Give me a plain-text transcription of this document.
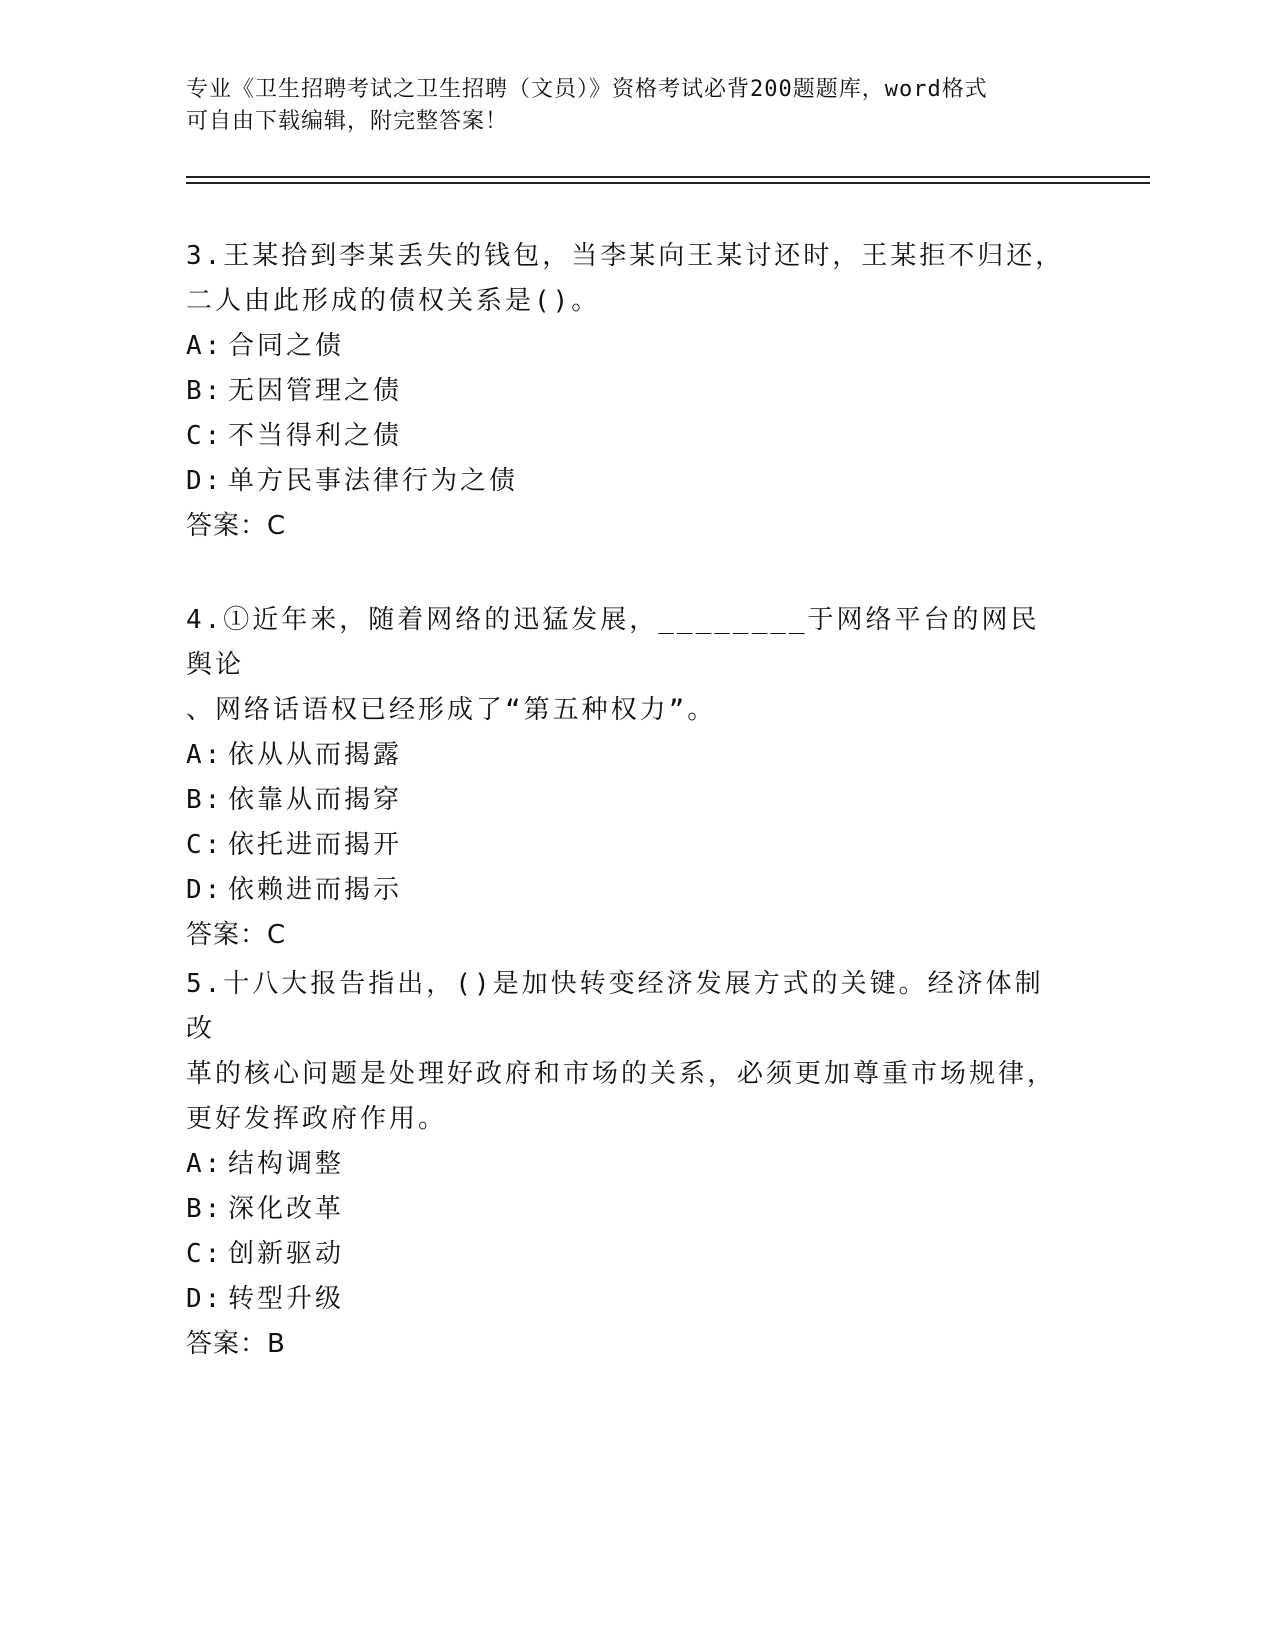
专业《卫生招聘考试之卫生招聘（文员）》资格考试必背200题题库，word格式
可自由下载编辑，附完整答案！

3.王某拾到李某丢失的钱包，当李某向王某讨还时，王某拒不归还，

二人由此形成的债权关系是()。

A: 合同之债

B: 无因管理之债

C: 不当得利之债

D: 单方民事法律行为之债

答案：C

4.①近年来，随着网络的迅猛发展，________于网络平台的网民舆论

、网络话语权已经形成了“第五种权力”。

A: 依从从而揭露

B: 依靠从而揭穿

C: 依托进而揭开

D: 依赖进而揭示

答案：C

5.十八大报告指出，()是加快转变经济发展方式的关键。经济体制改

革的核心问题是处理好政府和市场的关系，必须更加尊重市场规律，

更好发挥政府作用。

A: 结构调整

B: 深化改革

C: 创新驱动

D: 转型升级

答案：B
